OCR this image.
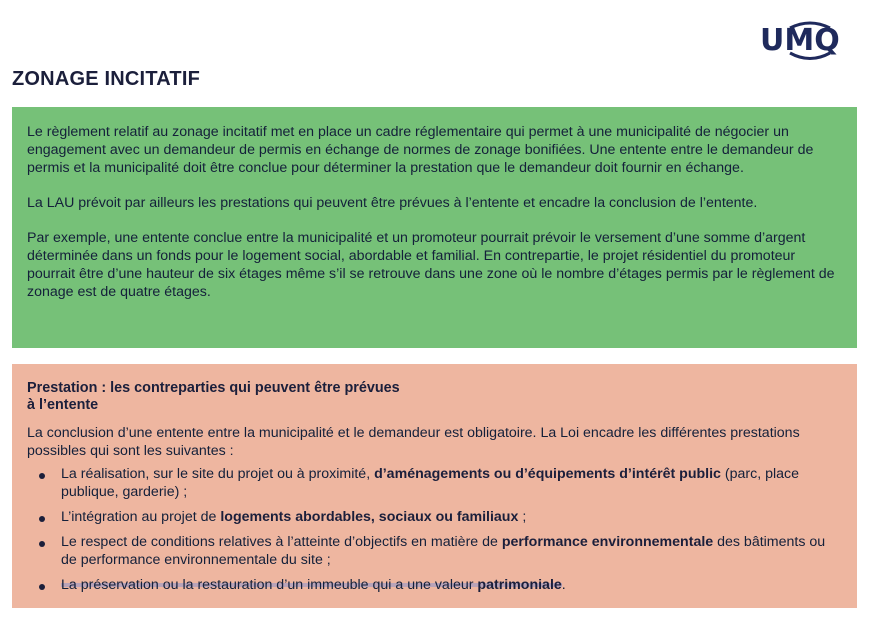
UMQ
ZONAGE INCITATIF

Le règlement relatif au zonage incitatif met en place un cadre réglementaire qui permet à une municipalité de négocier un engagement avec un demandeur de permis en échange de normes de zonage bonifiées. Une entente entre le demandeur de permis et la municipalité doit être conclue pour déterminer la prestation que le demandeur doit fournir en échange.

La LAU prévoit par ailleurs les prestations qui peuvent être prévues à l’entente et encadre la conclusion de l’entente.

Par exemple, une entente conclue entre la municipalité et un promoteur pourrait prévoir le versement d’une somme d’argent déterminée dans un fonds pour le logement social, abordable et familial. En contrepartie, le projet résidentiel du promoteur pourrait être d’une hauteur de six étages même s’il se retrouve dans une zone où le nombre d’étages permis par le règlement de zonage est de quatre étages.

Prestation : les contreparties qui peuvent être prévues
à l’entente

La conclusion d’une entente entre la municipalité et le demandeur est obligatoire. La Loi encadre les différentes prestations possibles qui sont les suivantes :

La réalisation, sur le site du projet ou à proximité, d’aménagements ou d’équipements d’intérêt public (parc, place publique, garderie) ;
L’intégration au projet de logements abordables, sociaux ou familiaux ;
Le respect de conditions relatives à l’atteinte d’objectifs en matière de performance environnementale des bâtiments ou de performance environnementale du site ;
La préservation ou la restauration d’un immeuble qui a une valeur patrimoniale.
